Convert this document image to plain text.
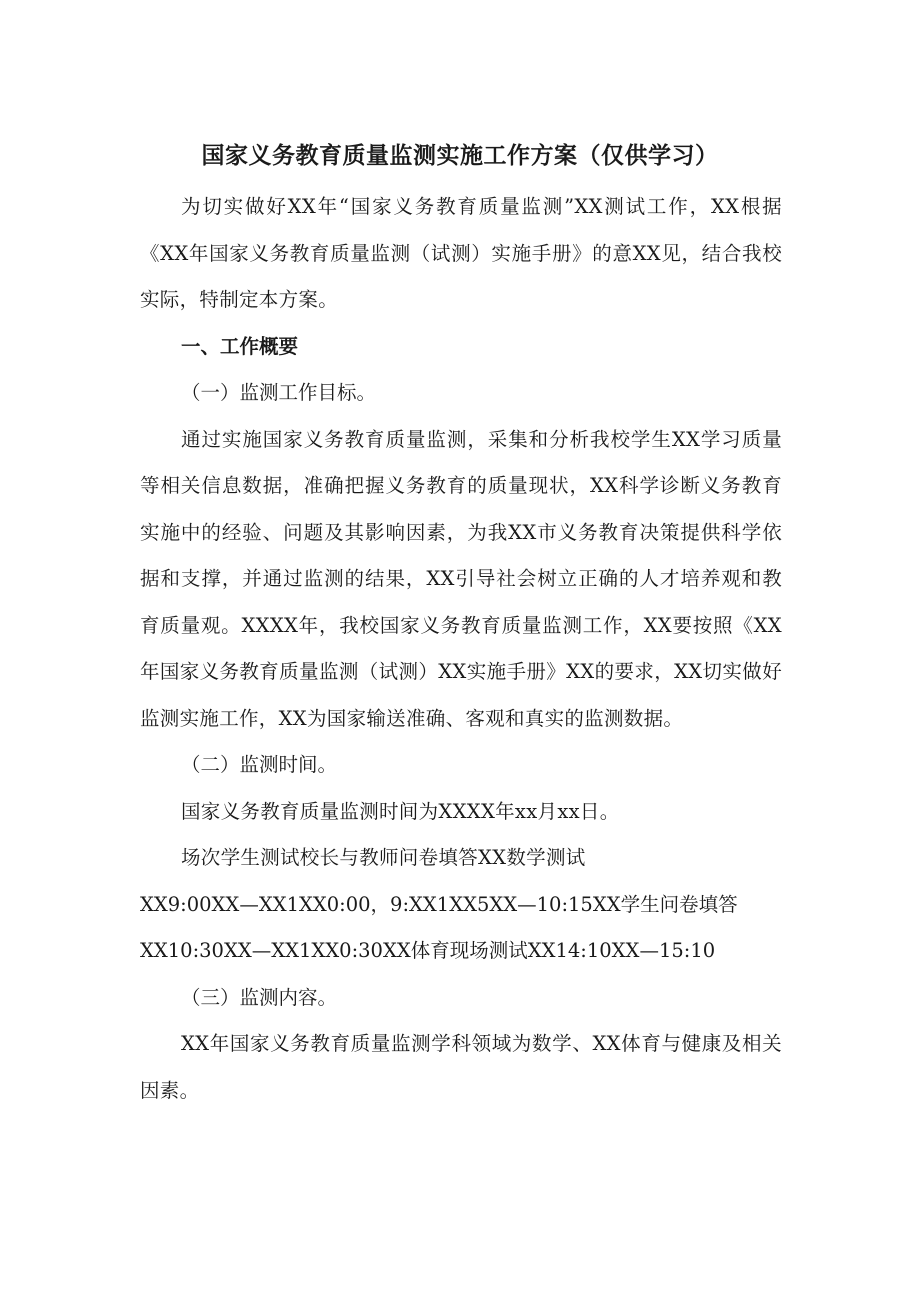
国家义务教育质量监测实施工作方案（仅供学习）

为切实做好XX年“国家义务教育质量监测”XX测试工作，XX根据《XX年国家义务教育质量监测（试测）实施手册》的意XX见，结合我校实际，特制定本方案。

一、工作概要

（一）监测工作目标。

通过实施国家义务教育质量监测，采集和分析我校学生XX学习质量等相关信息数据，准确把握义务教育的质量现状，XX科学诊断义务教育实施中的经验、问题及其影响因素，为我XX市义务教育决策提供科学依据和支撑，并通过监测的结果，XX引导社会树立正确的人才培养观和教育质量观。XXXX年，我校国家义务教育质量监测工作，XX要按照《XX年国家义务教育质量监测（试测）XX实施手册》XX的要求，XX切实做好监测实施工作，XX为国家输送准确、客观和真实的监测数据。

（二）监测时间。

国家义务教育质量监测时间为XXXX年xx月xx日。

场次学生测试校长与教师问卷填答XX数学测试

XX9:00XX—XX1XX0:00，9:XX1XX5XX—10:15XX学生问卷填答

XX10:30XX—XX1XX0:30XX体育现场测试XX14:10XX—15:10

（三）监测内容。

XX年国家义务教育质量监测学科领域为数学、XX体育与健康及相关因素。
